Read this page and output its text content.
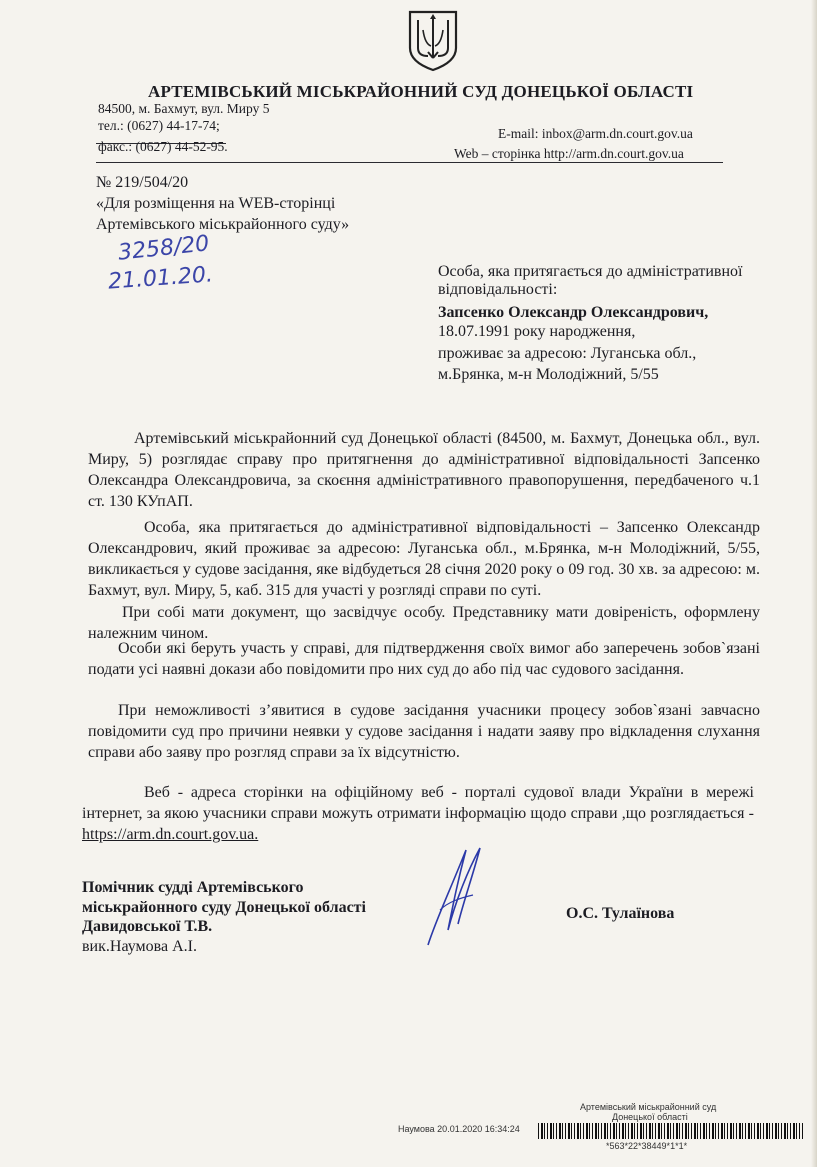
АРТЕМІВСЬКИЙ МІСЬКРАЙОННИЙ СУД ДОНЕЦЬКОЇ ОБЛАСТІ
84500, м. Бахмут, вул. Миру 5
тел.: (0627) 44-17-74;
E-mail: inbox@arm.dn.court.gov.ua
факс.: (0627) 44-52-95.	Web – сторінка http://arm.dn.court.gov.ua
№ 219/504/20
«Для розміщення на WEB-сторінці
Артемівського міськрайонного суду»
3258/20
21.01.20.	Особа, яка притягається до адміністративної
відповідальності:
Запсенко Олександр Олександрович,
18.07.1991 року народження,
проживає за адресою: Луганська обл.,
м.Брянка, м-н Молодіжний, 5/55
Артемівський міськрайонний суд Донецької області (84500, м. Бахмут, Донецька обл., вул. Миру, 5) розглядає справу про притягнення до адміністративної відповідальності Запсенко Олександра Олександровича, за скоєння адміністративного правопорушення, передбаченого ч.1 ст. 130 КУпАП.
Особа, яка притягається до адміністративної відповідальності – Запсенко Олександр Олександрович, який проживає за адресою: Луганська обл., м.Брянка, м-н Молодіжний, 5/55, викликається у судове засідання, яке відбудеться 28 січня 2020 року о 09 год. 30 хв. за адресою: м. Бахмут, вул. Миру, 5, каб. 315 для участі у розгляді справи по суті.
При собі мати документ, що засвідчує особу. Представнику мати довіреність, оформлену належним чином.
Особи які беруть участь у справі, для підтвердження своїх вимог або заперечень зобов`язані подати усі наявні докази або повідомити про них суд до або під час судового засідання.
При неможливості з’явитися в судове засідання учасники процесу зобов`язані завчасно повідомити суд про причини неявки у судове засідання і надати заяву про відкладення слухання справи або заяву про розгляд справи за їх відсутністю.
Веб - адреса сторінки на офіційному веб - порталі судової влади України в мережі інтернет, за якою учасники справи можуть отримати інформацію щодо справи ,що розглядається - https://arm.dn.court.gov.ua.
Помічник судді Артемівського
міськрайонного суду Донецької області
Давидовської Т.В.
вик.Наумова А.І.
О.С. Тулаїнова
Артемівський міськрайонний суд
Донецької області
Наумова 20.01.2020 16:34:24
*563*22*38449*1*1*
